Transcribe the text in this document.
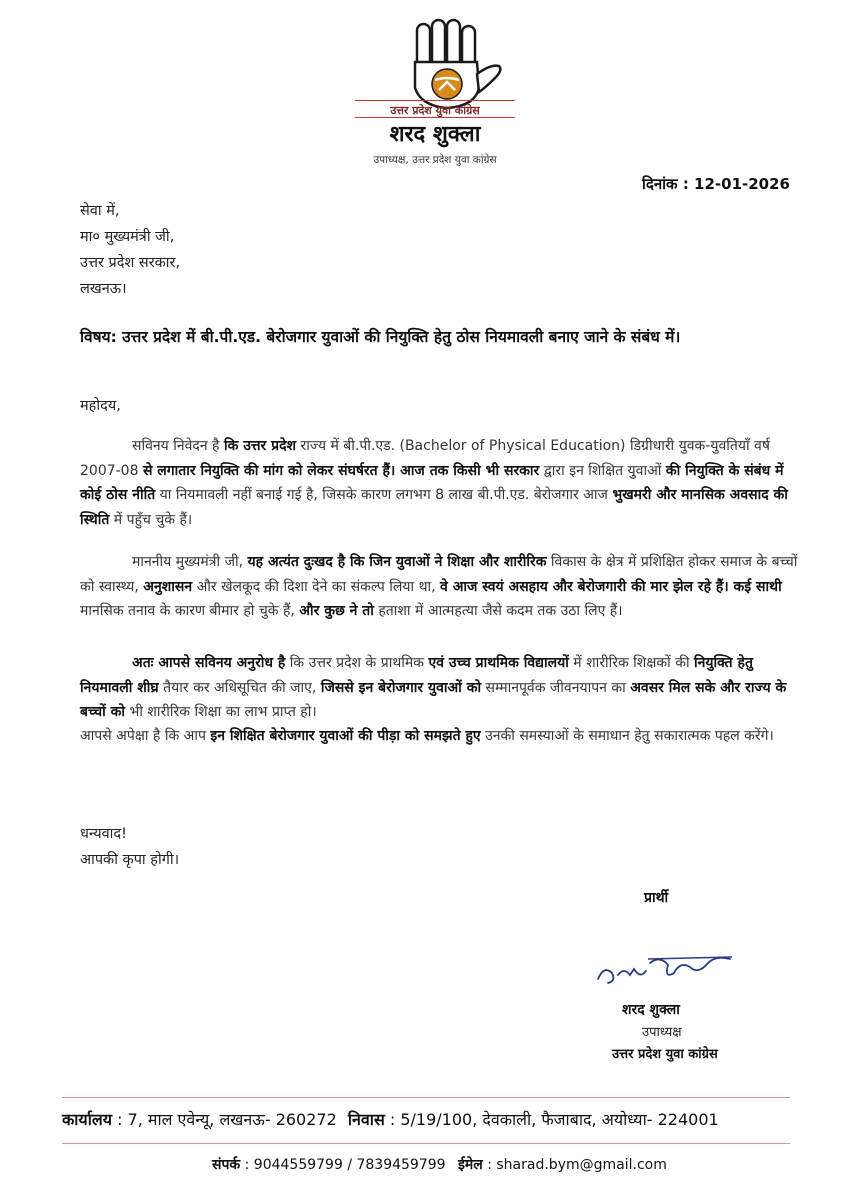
उत्तर प्रदेश युवा कांग्रेस
शरद शुक्ला
उपाध्यक्ष, उत्तर प्रदेश युवा कांग्रेस
दिनांक : 12-01-2026
सेवा में,
मा० मुख्यमंत्री जी,
उत्तर प्रदेश सरकार,
लखनऊ।
विषय: उत्तर प्रदेश में बी.पी.एड. बेरोजगार युवाओं की नियुक्ति हेतु ठोस नियमावली बनाए जाने के संबंध में।
महोदय,
सविनय निवेदन है कि उत्तर प्रदेश राज्य में बी.पी.एड. (Bachelor of Physical Education) डिग्रीधारी युवक-युवतियाँ वर्ष 2007-08 से लगातार नियुक्ति की मांग को लेकर संघर्षरत हैं। आज तक किसी भी सरकार द्वारा इन शिक्षित युवाओं की नियुक्ति के संबंध में कोई ठोस नीति या नियमावली नहीं बनाई गई है, जिसके कारण लगभग 8 लाख बी.पी.एड. बेरोजगार आज भुखमरी और मानसिक अवसाद की स्थिति में पहुँच चुके हैं।
माननीय मुख्यमंत्री जी, यह अत्यंत दुःखद है कि जिन युवाओं ने शिक्षा और शारीरिक विकास के क्षेत्र में प्रशिक्षित होकर समाज के बच्चों को स्वास्थ्य, अनुशासन और खेलकूद की दिशा देने का संकल्प लिया था, वे आज स्वयं असहाय और बेरोजगारी की मार झेल रहे हैं। कई साथी मानसिक तनाव के कारण बीमार हो चुके हैं, और कुछ ने तो हताशा में आत्महत्या जैसे कदम तक उठा लिए हैं।
अतः आपसे सविनय अनुरोध है कि उत्तर प्रदेश के प्राथमिक एवं उच्च प्राथमिक विद्यालयों में शारीरिक शिक्षकों की नियुक्ति हेतु नियमावली शीघ्र तैयार कर अधिसूचित की जाए, जिससे इन बेरोजगार युवाओं को सम्मानपूर्वक जीवनयापन का अवसर मिल सके और राज्य के बच्चों को भी शारीरिक शिक्षा का लाभ प्राप्त हो।
आपसे अपेक्षा है कि आप इन शिक्षित बेरोजगार युवाओं की पीड़ा को समझते हुए उनकी समस्याओं के समाधान हेतु सकारात्मक पहल करेंगे।
धन्यवाद!
आपकी कृपा होगी।
प्रार्थी
शरद शुक्ला
उपाध्यक्ष
उत्तर प्रदेश युवा कांग्रेस
कार्यालय : 7, माल एवेन्यू, लखनऊ- 260272 निवास : 5/19/100, देवकाली, फैजाबाद, अयोध्या- 224001
संपर्क : 9044559799 / 7839459799 ईमेल : sharad.bym@gmail.com
